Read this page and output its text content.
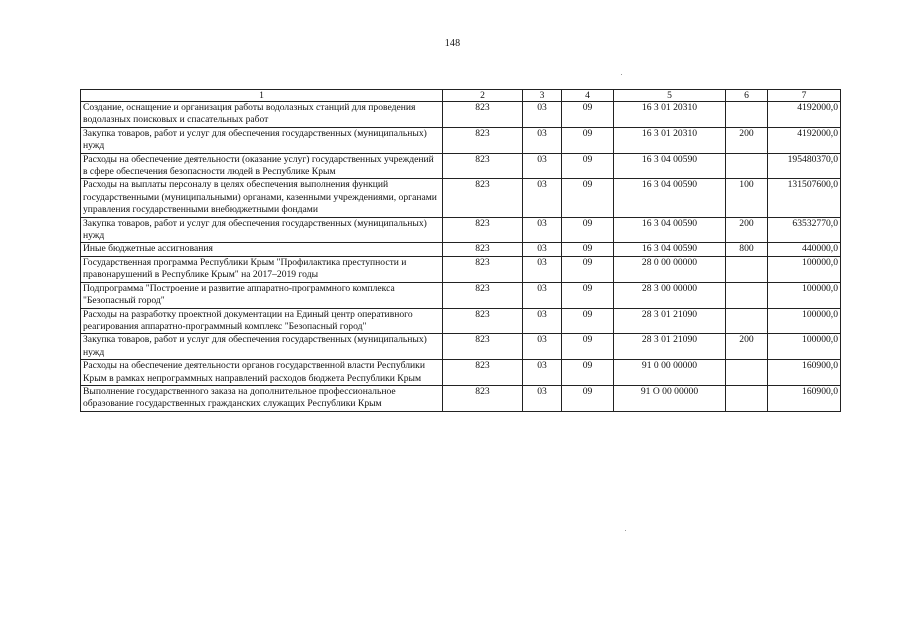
148
1	2	3	4	5	6	7
Создание, оснащение и организация работы водолазных станций для проведения водолазных поисковых и спасательных работ	823	03	09	16 3 01 20310		4192000,0
Закупка товаров, работ и услуг для обеспечения государственных (муниципальных) нужд	823	03	09	16 3 01 20310	200	4192000,0
Расходы на обеспечение деятельности (оказание услуг) государственных учреждений в сфере обеспечения безопасности людей в Республике Крым	823	03	09	16 3 04 00590		195480370,0
Расходы на выплаты персоналу в целях обеспечения выполнения функций государственными (муниципальными) органами, казенными учреждениями, органами управления государственными внебюджетными фондами	823	03	09	16 3 04 00590	100	131507600,0
Закупка товаров, работ и услуг для обеспечения государственных (муниципальных) нужд	823	03	09	16 3 04 00590	200	63532770,0
Иные бюджетные ассигнования	823	03	09	16 3 04 00590	800	440000,0
Государственная программа Республики Крым "Профилактика преступности и правонарушений в Республике Крым" на 2017–2019 годы	823	03	09	28 0 00 00000		100000,0
Подпрограмма "Построение и развитие аппаратно-программного комплекса "Безопасный город"	823	03	09	28 3 00 00000		100000,0
Расходы на разработку проектной документации на Единый центр оперативного реагирования аппаратно-программный комплекс "Безопасный город"	823	03	09	28 3 01 21090		100000,0
Закупка товаров, работ и услуг для обеспечения государственных (муниципальных) нужд	823	03	09	28 3 01 21090	200	100000,0
Расходы на обеспечение деятельности органов государственной власти Республики Крым в рамках непрограммных направлений расходов бюджета Республики Крым	823	03	09	91 0 00 00000		160900,0
Выполнение государственного заказа на дополнительное профессиональное образование государственных гражданских служащих Республики Крым	823	03	09	91 О 00 00000		160900,0
